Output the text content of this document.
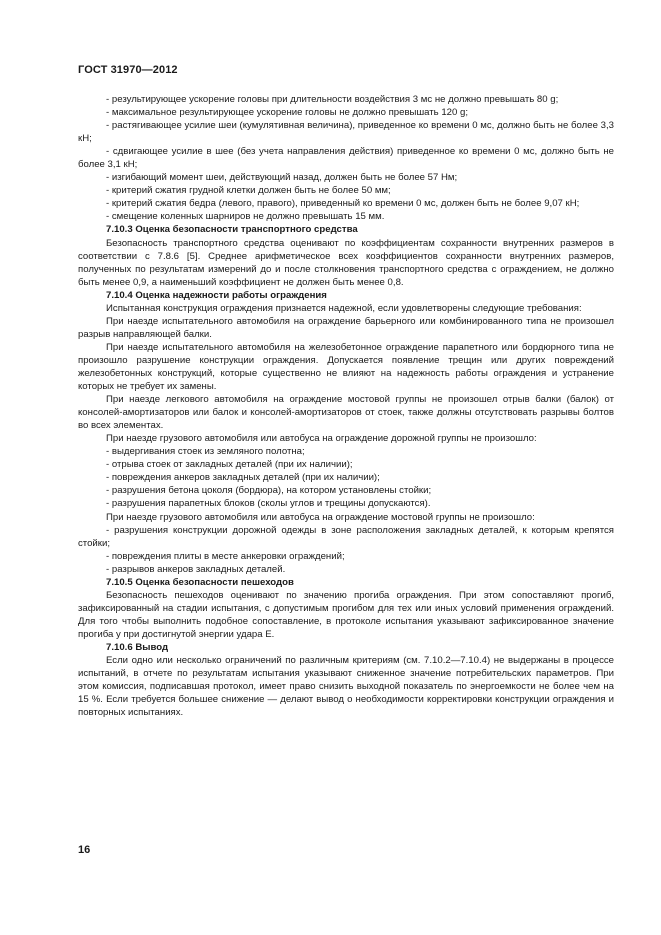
ГОСТ 31970—2012

- результирующее ускорение головы при длительности воздействия 3 мс не должно превышать 80 g;

- максимальное результирующее ускорение головы не должно превышать 120 g;

- растягивающее усилие шеи (кумулятивная величина), приведенное ко времени 0 мс, должно быть не более 3,3 кН;

- сдвигающее усилие в шее (без учета направления действия) приведенное ко времени 0 мс, должно быть не более 3,1 кН;

- изгибающий момент шеи, действующий назад, должен быть не более 57 Нм;

- критерий сжатия грудной клетки должен быть не более 50 мм;

- критерий сжатия бедра (левого, правого), приведенный ко времени 0 мс, должен быть не более 9,07 кН;

- смещение коленных шарниров не должно превышать 15 мм.

7.10.3 Оценка безопасности транспортного средства

Безопасность транспортного средства оценивают по коэффициентам сохранности внутренних размеров в соответствии с 7.8.6 [5]. Среднее арифметическое всех коэффициентов сохранности внутренних размеров, полученных по результатам измерений до и после столкновения транспортного средства с ограждением, не должно быть менее 0,9, а наименьший коэффициент не должен быть менее 0,8.

7.10.4 Оценка надежности работы ограждения

Испытанная конструкция ограждения признается надежной, если удовлетворены следующие требования:

При наезде испытательного автомобиля на ограждение барьерного или комбинированного типа не произошел разрыв направляющей балки.

При наезде испытательного автомобиля на железобетонное ограждение парапетного или бордюрного типа не произошло разрушение конструкции ограждения. Допускается появление трещин или других повреждений железобетонных конструкций, которые существенно не влияют на надежность работы ограждения и устранение которых не требует их замены.

При наезде легкового автомобиля на ограждение мостовой группы не произошел отрыв балки (балок) от консолей-амортизаторов или балок и консолей-амортизаторов от стоек, также должны отсутствовать разрывы болтов во всех элементах.

При наезде грузового автомобиля или автобуса на ограждение дорожной группы не произошло:

- выдергивания стоек из земляного полотна;

- отрыва стоек от закладных деталей (при их наличии);

- повреждения анкеров закладных деталей (при их наличии);

- разрушения бетона цоколя (бордюра), на котором установлены стойки;

- разрушения парапетных блоков (сколы углов и трещины допускаются).

При наезде грузового автомобиля или автобуса на ограждение мостовой группы не произошло:

- разрушения конструкции дорожной одежды в зоне расположения закладных деталей, к которым крепятся стойки;

- повреждения плиты в месте анкеровки ограждений;

- разрывов анкеров закладных деталей.

7.10.5 Оценка безопасности пешеходов

Безопасность пешеходов оценивают по значению прогиба ограждения. При этом сопоставляют прогиб, зафиксированный на стадии испытания, с допустимым прогибом для тех или иных условий применения ограждений. Для того чтобы выполнить подобное сопоставление, в протоколе испытания указывают зафиксированное значение прогиба y при достигнутой энергии удара E.

7.10.6 Вывод

Если одно или несколько ограничений по различным критериям (см. 7.10.2—7.10.4) не выдержаны в процессе испытаний, в отчете по результатам испытания указывают сниженное значение потребительских параметров. При этом комиссия, подписавшая протокол, имеет право снизить выходной показатель по энергоемкости не более чем на 15 %. Если требуется большее снижение — делают вывод о необходимости корректировки конструкции ограждения и повторных испытаниях.

16
